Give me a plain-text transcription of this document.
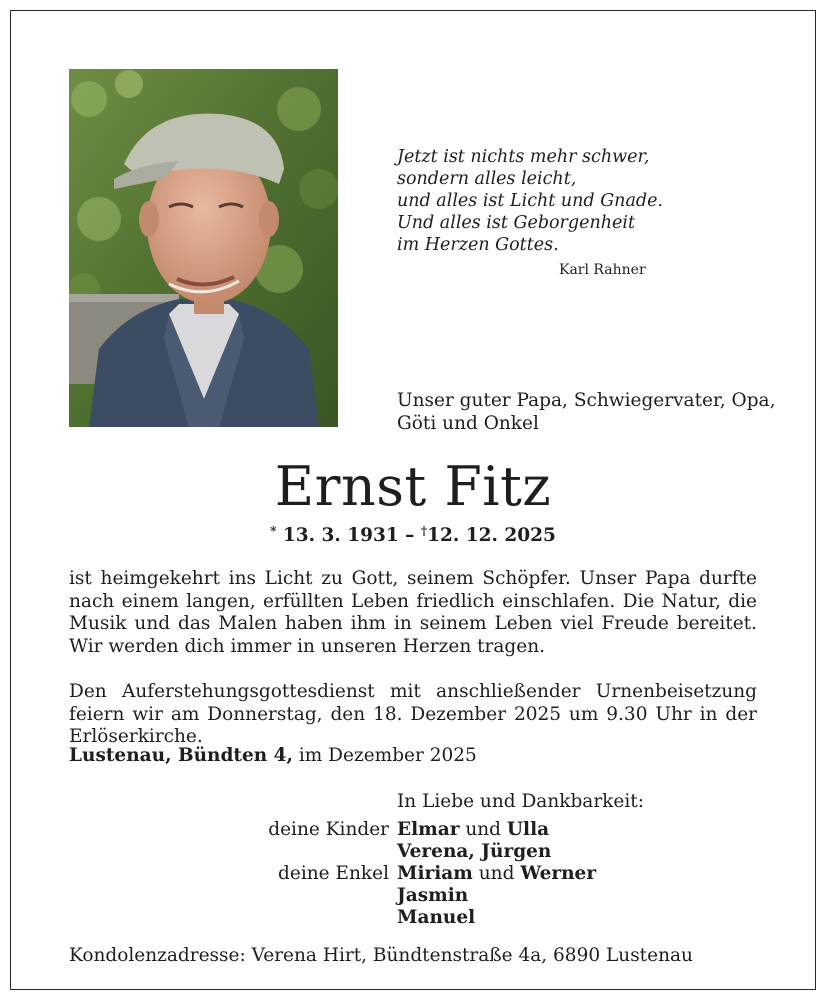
Jetzt ist nichts mehr schwer,
sondern alles leicht,
und alles ist Licht und Gnade.
Und alles ist Geborgenheit
im Herzen Gottes.
Karl Rahner
Unser guter Papa, Schwiegervater, Opa,
Göti und Onkel
Ernst Fitz
* 13. 3. 1931 – †12. 12. 2025
ist heimgekehrt ins Licht zu Gott, seinem Schöpfer. Unser Papa durfte nach einem langen, erfüllten Leben friedlich einschlafen. Die Natur, die Musik und das Malen haben ihm in seinem Leben viel Freude bereitet. Wir werden dich immer in unseren Herzen tragen.
Den Auferstehungsgottesdienst mit anschließender Urnenbeisetzung feiern wir am Donnerstag, den 18. Dezember 2025 um 9.30 Uhr in der Erlöserkirche.
Lustenau, Bündten 4, im Dezember 2025
In Liebe und Dankbarkeit:
deine Kinder
deine Enkel
Elmar und Ulla
Verena, Jürgen
Miriam und Werner
Jasmin
Manuel
Kondolenzadresse: Verena Hirt, Bündtenstraße 4a, 6890 Lustenau
